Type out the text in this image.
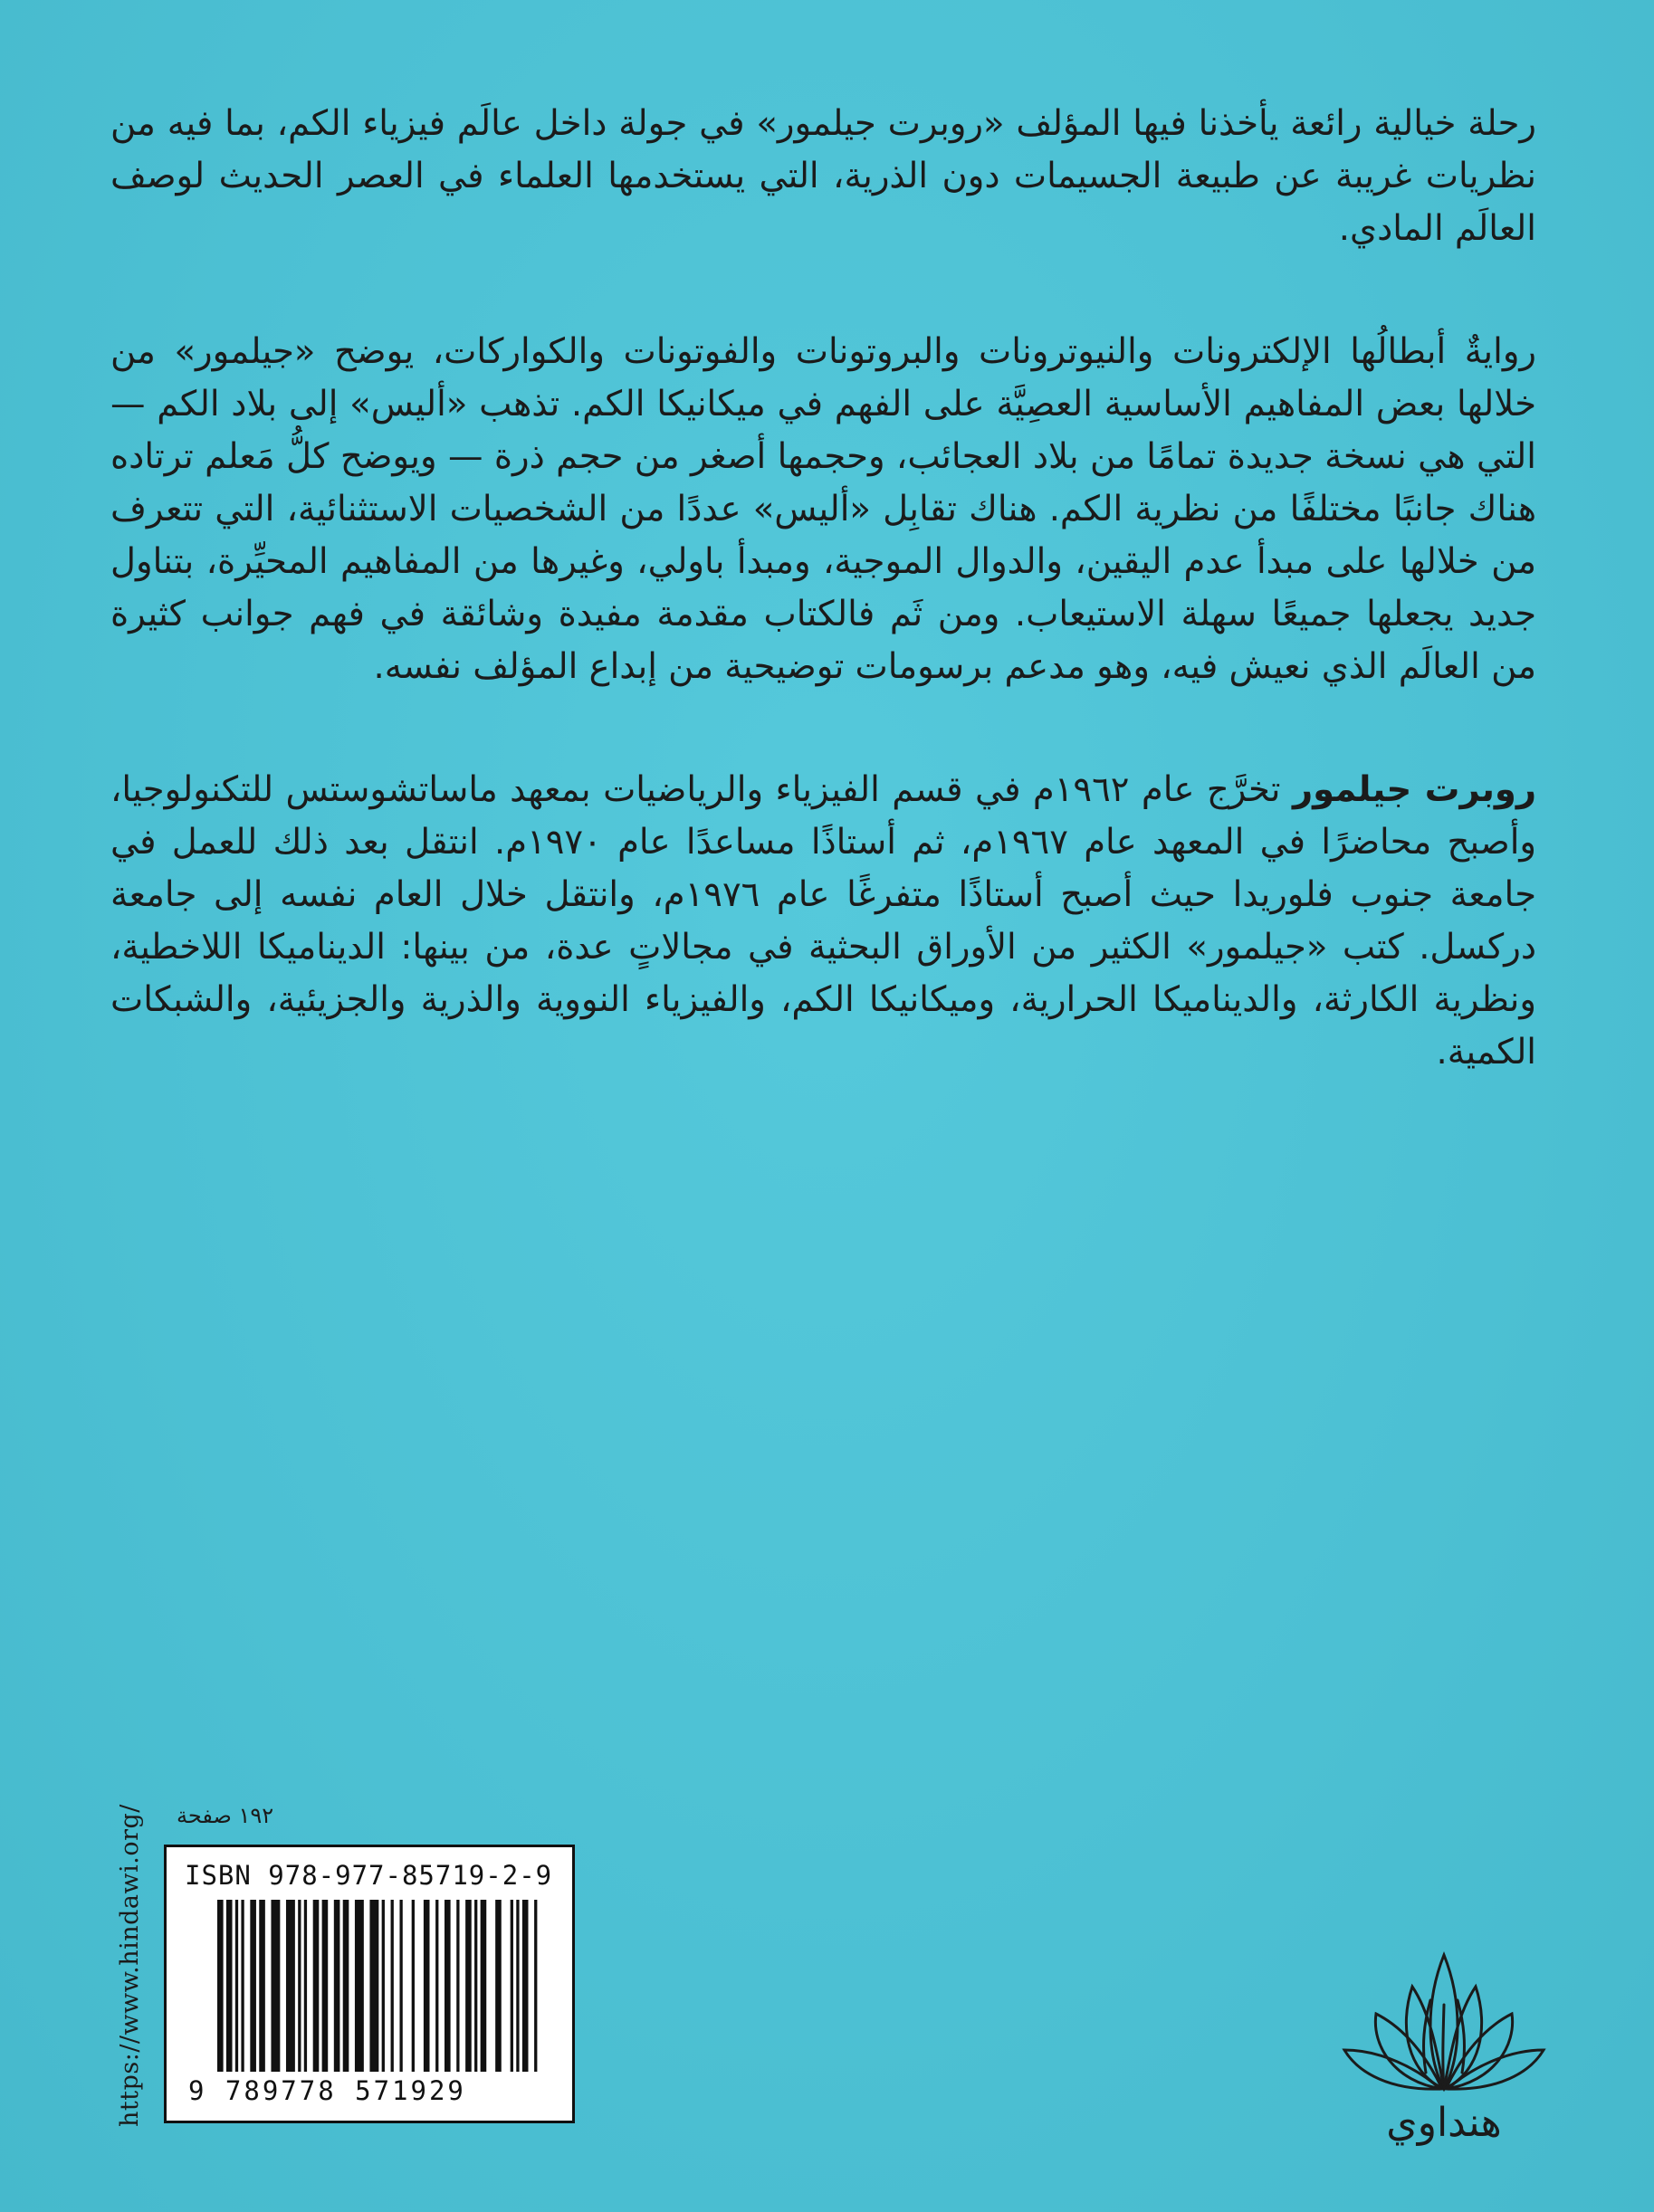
رحلة خيالية رائعة يأخذنا فيها المؤلف «روبرت جيلمور» في جولة داخل عالَم فيزياء الكم، بما فيه من نظريات غريبة عن طبيعة الجسيمات دون الذرية، التي يستخدمها العلماء في العصر الحديث لوصف العالَم المادي.

روايةٌ أبطالُها الإلكترونات والنيوترونات والبروتونات والفوتونات والكواركات، يوضح «جيلمور» من خلالها بعض المفاهيم الأساسية العصِيَّة على الفهم في ميكانيكا الكم. تذهب «أليس» إلى بلاد الكم — التي هي نسخة جديدة تمامًا من بلاد العجائب، وحجمها أصغر من حجم ذرة — ويوضح كلُّ مَعلم ترتاده هناك جانبًا مختلفًا من نظرية الكم. هناك تقابِل «أليس» عددًا من الشخصيات الاستثنائية، التي تتعرف من خلالها على مبدأ عدم اليقين، والدوال الموجية، ومبدأ باولي، وغيرها من المفاهيم المحيِّرة، بتناول جديد يجعلها جميعًا سهلة الاستيعاب. ومن ثَم فالكتاب مقدمة مفيدة وشائقة في فهم جوانب كثيرة من العالَم الذي نعيش فيه، وهو مدعم برسومات توضيحية من إبداع المؤلف نفسه.

روبرت جيلمور تخرَّج عام ١٩٦٢م في قسم الفيزياء والرياضيات بمعهد ماساتشوستس للتكنولوجيا، وأصبح محاضرًا في المعهد عام ١٩٦٧م، ثم أستاذًا مساعدًا عام ١٩٧٠م. انتقل بعد ذلك للعمل في جامعة جنوب فلوريدا حيث أصبح أستاذًا متفرغًا عام ١٩٧٦م، وانتقل خلال العام نفسه إلى جامعة دركسل. كتب «جيلمور» الكثير من الأوراق البحثية في مجالاتٍ عدة، من بينها: الديناميكا اللاخطية، ونظرية الكارثة، والديناميكا الحرارية، وميكانيكا الكم، والفيزياء النووية والذرية والجزيئية، والشبكات الكمية.

https://www.hindawi.org/ ١٩٢ صفحة
ISBN 978-977-85719-2-9
9 789778 571929
هنداوي
